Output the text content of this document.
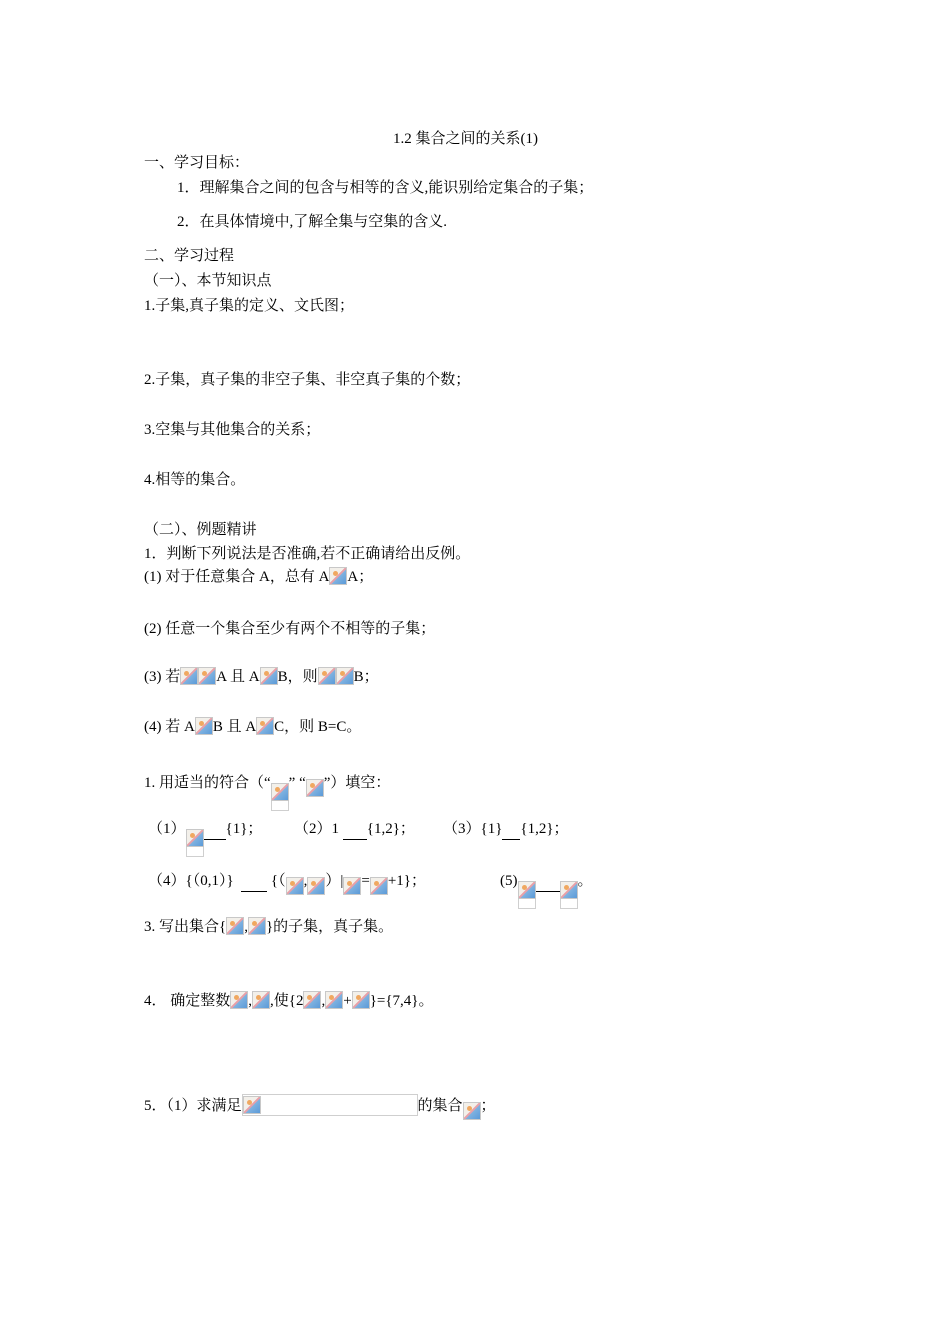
1.2 集合之间的关系(1)
一、学习目标：
1．理解集合之间的包含与相等的含义,能识别给定集合的子集；
2．在具体情境中,了解全集与空集的含义.
二、学习过程
（一）、本节知识点
1.子集,真子集的定义、文氏图；
2.子集，真子集的非空子集、非空真子集的个数；
3.空集与其他集合的关系；
4.相等的集合。
（二）、例题精讲
1．判断下列说法是否准确,若不正确请给出反例。
(1) 对于任意集合 A，总有 A A；
(2) 任意一个集合至少有两个不相等的子集；
(3) 若 A 且 A B，则 B；
(4) 若 A B 且 A C，则 B=C。
1. 用适当的符合（“ ” “ ”）填空：
（1）	{1}； （2）1  {1,2}； （3）{1} {1,2}；
（4）{（0,1）} {（ , ）| = +1}；	(5)	。
3. 写出集合{ , }的子集，真子集。
4． 确定整数 , ,使{2 , + }={7,4}。
5．（1）求满足	的集合 ；
